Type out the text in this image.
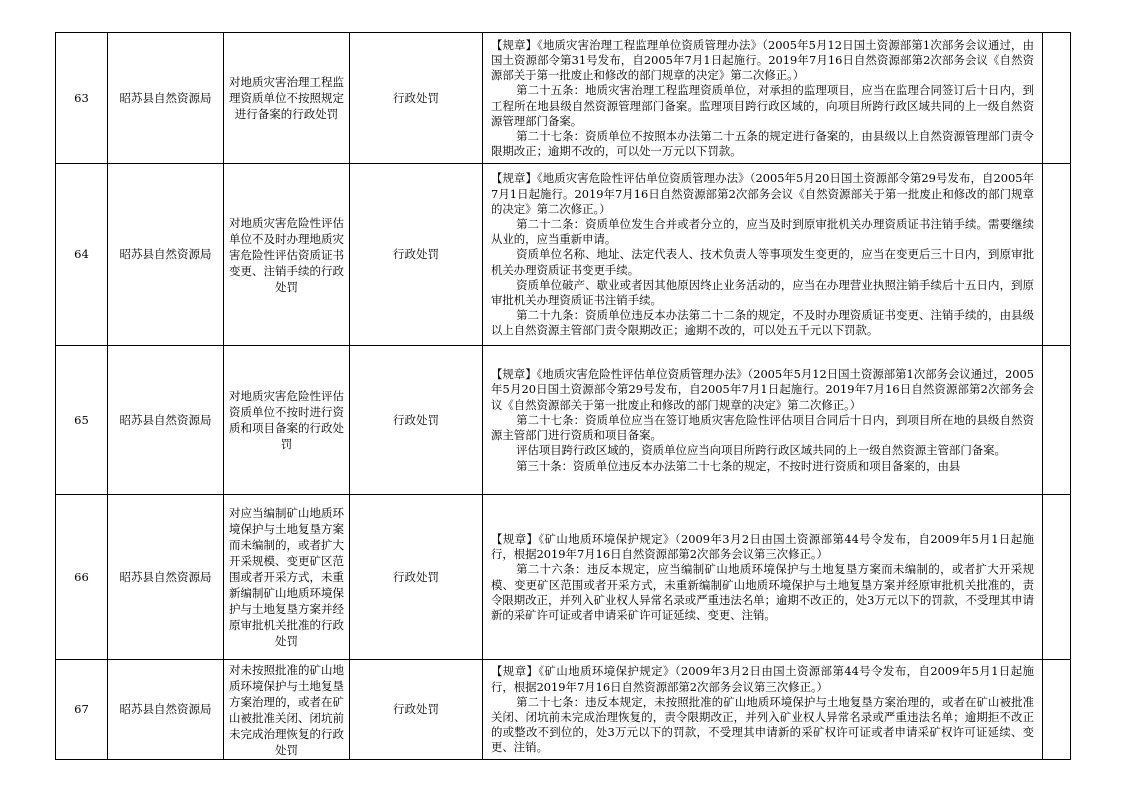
63	昭苏县自然资源局	对地质灾害治理工程监理资质单位不按照规定进行备案的行政处罚	行政处罚	【规章】《地质灾害治理工程监理单位资质管理办法》（2005年5月12日国土资源部第1次部务会议通过，由国土资源部令第31号发布，自2005年7月1日起施行。2019年7月16日自然资源部第2次部务会议《自然资源部关于第一批废止和修改的部门规章的决定》第二次修正。）

第二十五条：地质灾害治理工程监理资质单位，对承担的监理项目，应当在监理合同签订后十日内，到工程所在地县级自然资源管理部门备案。监理项目跨行政区域的，向项目所跨行政区域共同的上一级自然资源管理部门备案。

第二十七条：资质单位不按照本办法第二十五条的规定进行备案的，由县级以上自然资源管理部门责令限期改正；逾期不改的，可以处一万元以下罚款。	

64	昭苏县自然资源局	对地质灾害危险性评估单位不及时办理地质灾害危险性评估资质证书变更、注销手续的行政处罚	行政处罚	【规章】《地质灾害危险性评估单位资质管理办法》（2005年5月20日国土资源部令第29号发布，自2005年7月1日起施行。2019年7月16日自然资源部第2次部务会议《自然资源部关于第一批废止和修改的部门规章的决定》第二次修正。）

第二十二条：资质单位发生合并或者分立的，应当及时到原审批机关办理资质证书注销手续。需要继续从业的，应当重新申请。

资质单位名称、地址、法定代表人、技术负责人等事项发生变更的，应当在变更后三十日内，到原审批机关办理资质证书变更手续。

资质单位破产、歇业或者因其他原因终止业务活动的，应当在办理营业执照注销手续后十五日内，到原审批机关办理资质证书注销手续。

第二十九条：资质单位违反本办法第二十二条的规定，不及时办理资质证书变更、注销手续的，由县级以上自然资源主管部门责令限期改正；逾期不改的，可以处五千元以下罚款。	

65	昭苏县自然资源局	对地质灾害危险性评估资质单位不按时进行资质和项目备案的行政处罚	行政处罚	【规章】《地质灾害危险性评估单位资质管理办法》（2005年5月12日国土资源部第1次部务会议通过，2005年5月20日国土资源部令第29号发布，自2005年7月1日起施行。2019年7月16日自然资源部第2次部务会议《自然资源部关于第一批废止和修改的部门规章的决定》第二次修正。）

第二十七条：资质单位应当在签订地质灾害危险性评估项目合同后十日内，到项目所在地的县级自然资源主管部门进行资质和项目备案。

评估项目跨行政区域的，资质单位应当向项目所跨行政区域共同的上一级自然资源主管部门备案。

第三十条：资质单位违反本办法第二十七条的规定，不按时进行资质和项目备案的，由县	

66	昭苏县自然资源局	对应当编制矿山地质环境保护与土地复垦方案而未编制的，或者扩大开采规模、变更矿区范围或者开采方式，未重新编制矿山地质环境保护与土地复垦方案并经原审批机关批准的行政处罚	行政处罚	【规章】《矿山地质环境保护规定》（2009年3月2日由国土资源部第44号令发布，自2009年5月1日起施行，根据2019年7月16日自然资源部第2次部务会议第三次修正。）

第二十六条：违反本规定，应当编制矿山地质环境保护与土地复垦方案而未编制的，或者扩大开采规模、变更矿区范围或者开采方式，未重新编制矿山地质环境保护与土地复垦方案并经原审批机关批准的，责令限期改正，并列入矿业权人异常名录或严重违法名单；逾期不改正的，处3万元以下的罚款，不受理其申请新的采矿许可证或者申请采矿许可证延续、变更、注销。	

67	昭苏县自然资源局	对未按照批准的矿山地质环境保护与土地复垦方案治理的，或者在矿山被批准关闭、闭坑前未完成治理恢复的行政处罚	行政处罚	【规章】《矿山地质环境保护规定》（2009年3月2日由国土资源部第44号令发布，自2009年5月1日起施行，根据2019年7月16日自然资源部第2次部务会议第三次修正。）

第二十七条：违反本规定，未按照批准的矿山地质环境保护与土地复垦方案治理的，或者在矿山被批准关闭、闭坑前未完成治理恢复的，责令限期改正，并列入矿业权人异常名录或严重违法名单；逾期拒不改正的或整改不到位的，处3万元以下的罚款，不受理其申请新的采矿权许可证或者申请采矿权许可证延续、变更、注销。	
